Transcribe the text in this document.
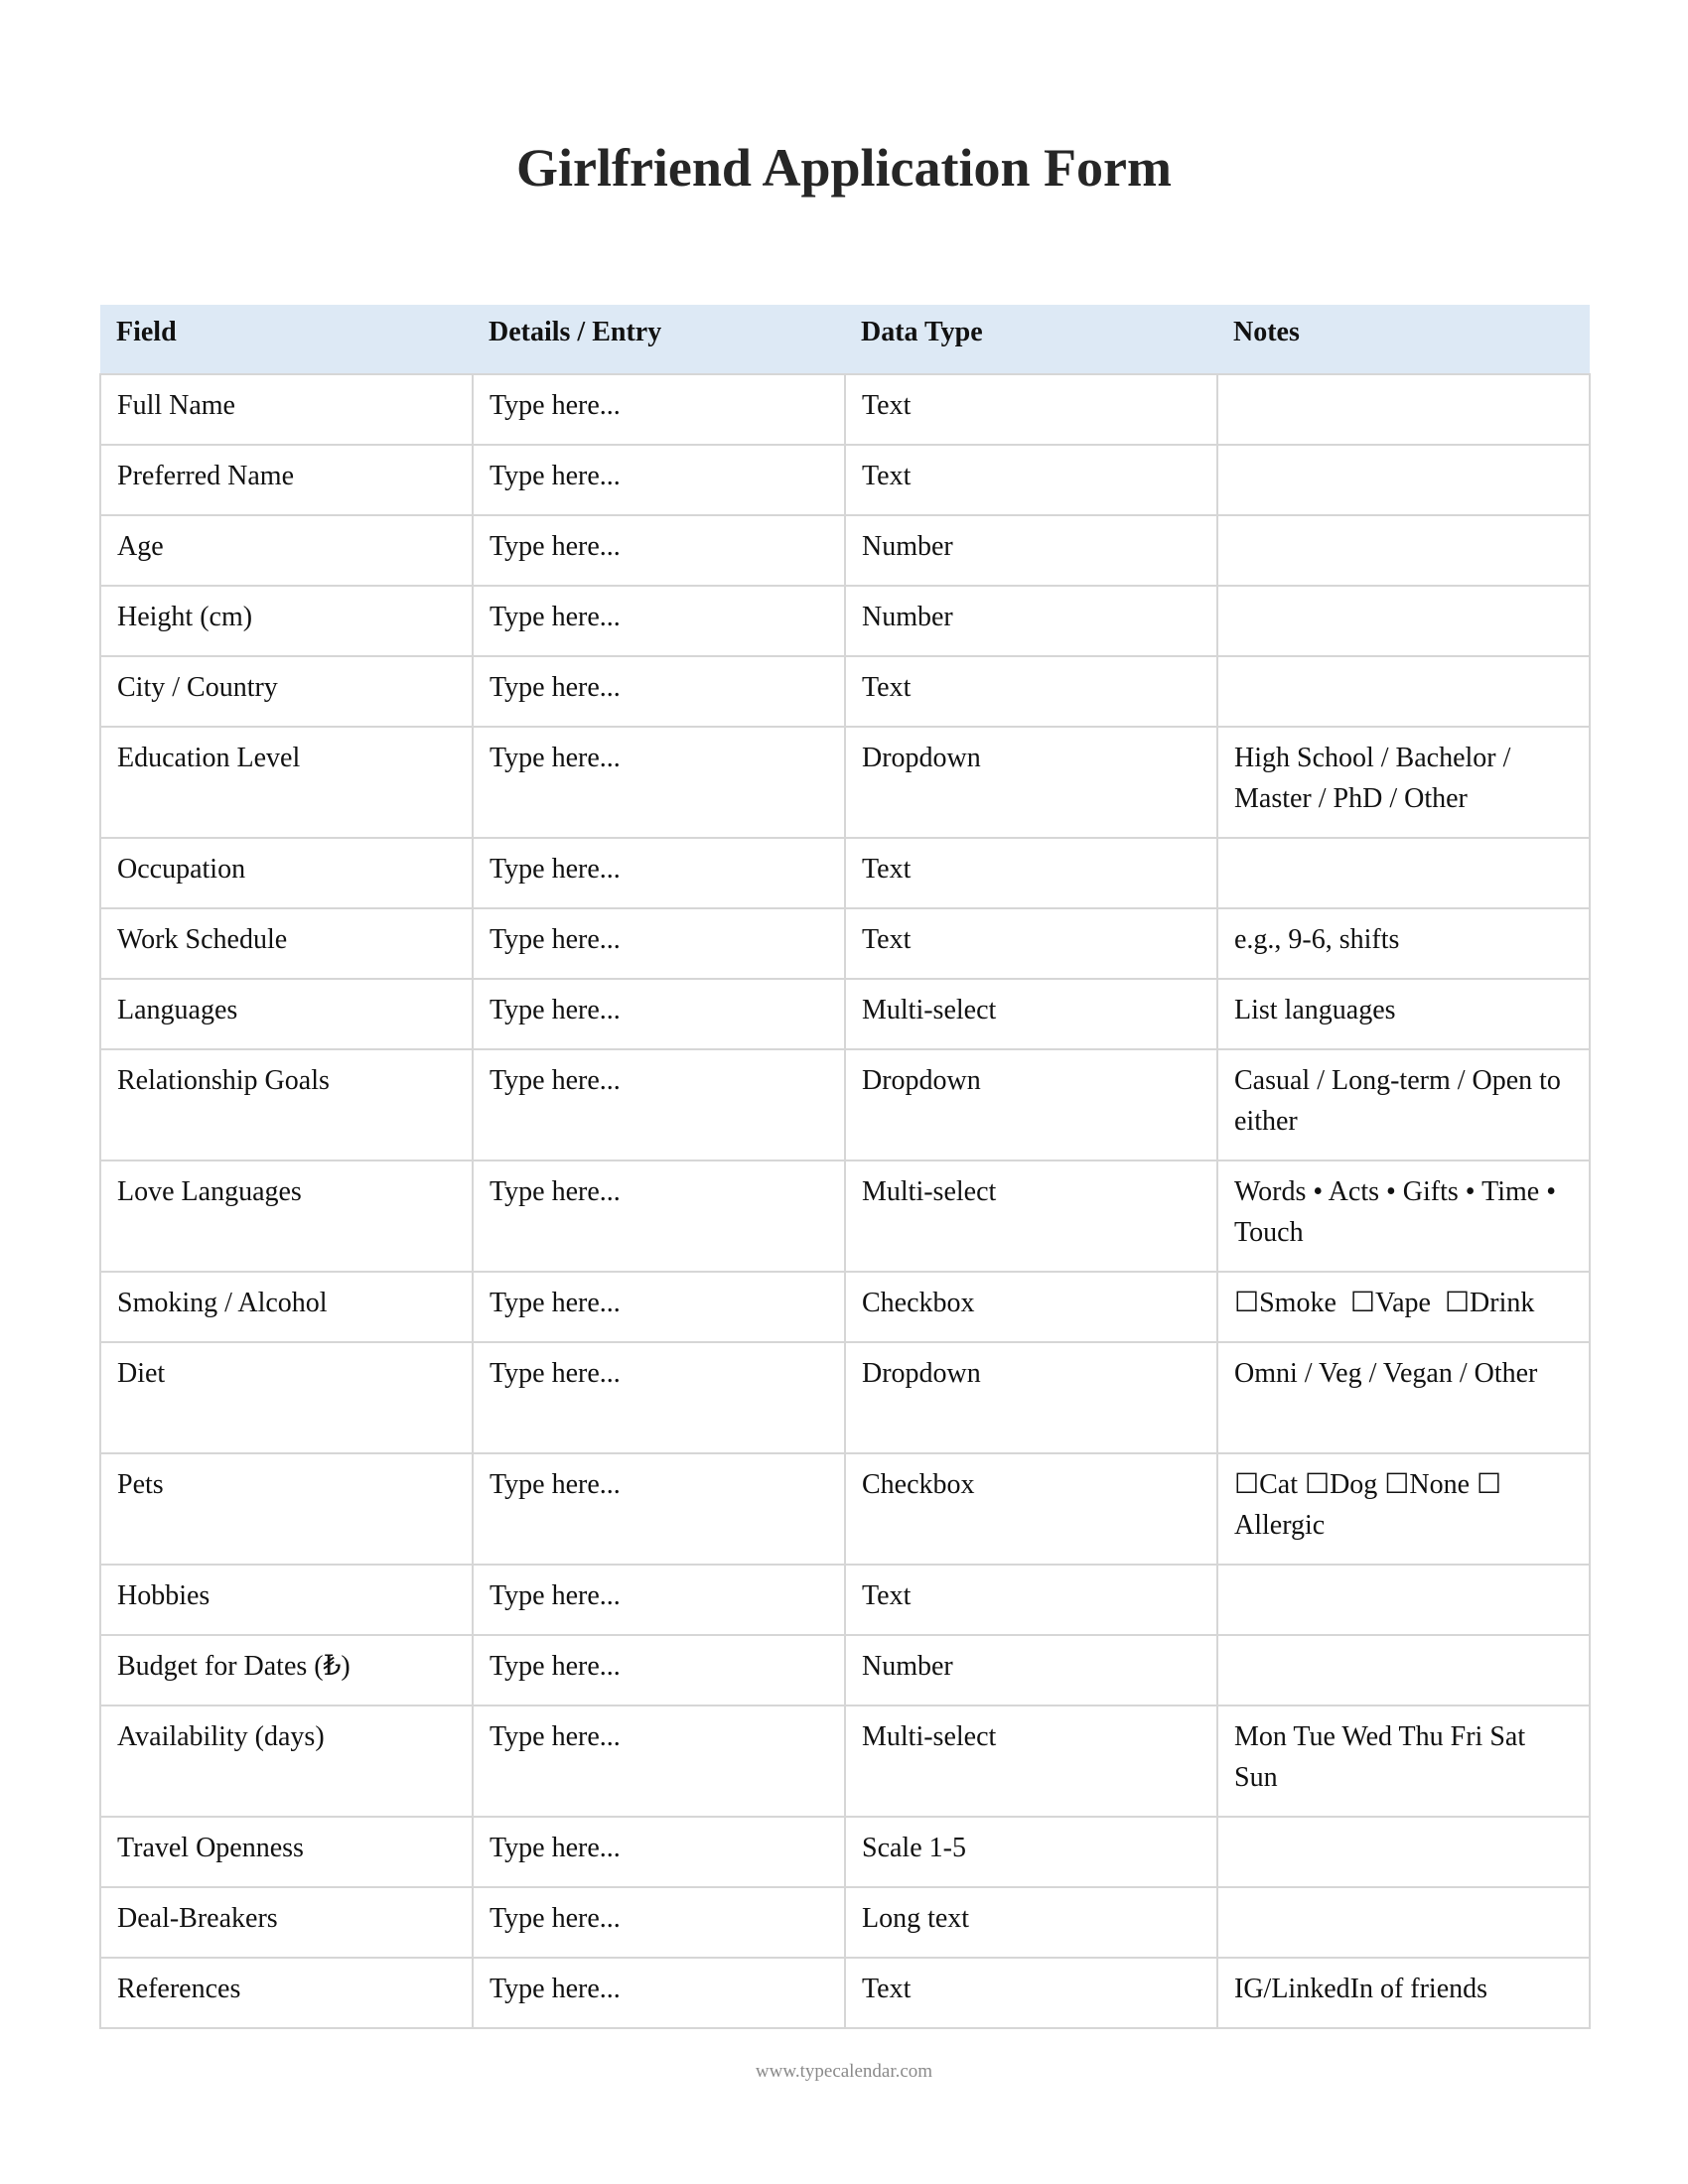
Girlfriend Application Form
Field	Details / Entry	Data Type	Notes
Full Name	Type here...	Text	
Preferred Name	Type here...	Text	
Age	Type here...	Number	
Height (cm)	Type here...	Number	
City / Country	Type here...	Text	
Education Level	Type here...	Dropdown	High School / Bachelor / Master / PhD / Other
Occupation	Type here...	Text	
Work Schedule	Type here...	Text	e.g., 9-6, shifts
Languages	Type here...	Multi-select	List languages
Relationship Goals	Type here...	Dropdown	Casual / Long-term / Open to either
Love Languages	Type here...	Multi-select	Words • Acts • Gifts • Time • Touch
Smoking / Alcohol	Type here...	Checkbox	☐Smoke  ☐Vape  ☐Drink
Diet	Type here...	Dropdown	Omni / Veg / Vegan / Other
Pets	Type here...	Checkbox	☐Cat ☐Dog ☐None ☐ Allergic
Hobbies	Type here...	Text	
Budget for Dates (₺)	Type here...	Number	
Availability (days)	Type here...	Multi-select	Mon Tue Wed Thu Fri Sat Sun
Travel Openness	Type here...	Scale 1-5	
Deal-Breakers	Type here...	Long text	
References	Type here...	Text	IG/LinkedIn of friends
www.typecalendar.com
